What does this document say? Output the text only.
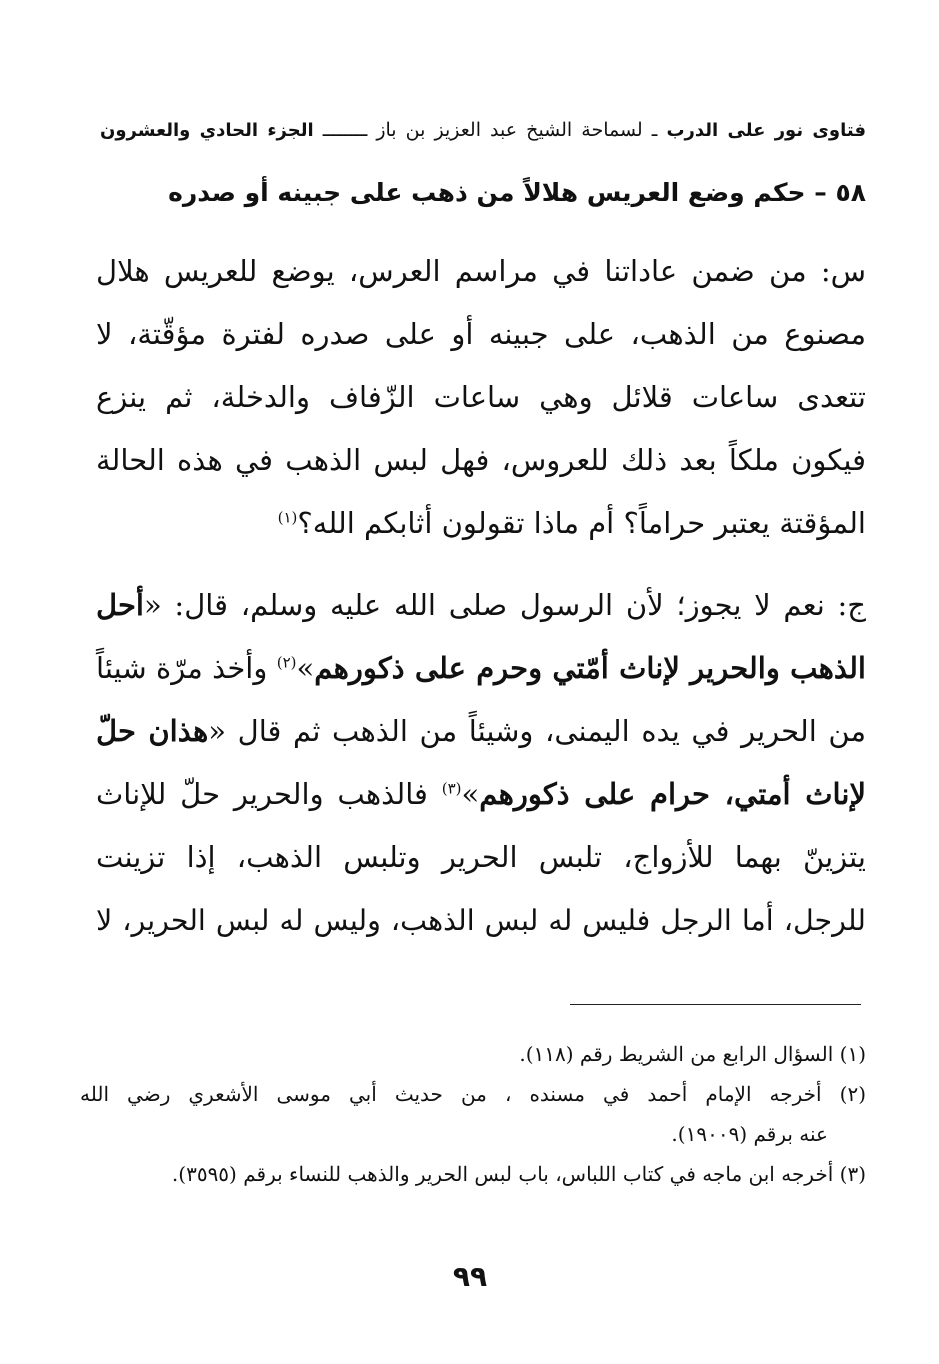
فتاوى نور على الدرب ـ لسماحة الشيخ عبد العزيز بن باز ــــــــ الجزء الحادي والعشرون
٥٨ – حكم وضع العريس هلالاً من ذهب على جبينه أو صدره
س: من ضمن عاداتنا في مراسم العرس، يوضع للعريس هلال
مصنوع من الذهب، على جبينه أو على صدره لفترة مؤقّتة، لا
تتعدى ساعات قلائل وهي ساعات الزّفاف والدخلة، ثم ينزع
فيكون ملكاً بعد ذلك للعروس، فهل لبس الذهب في هذه الحالة
المؤقتة يعتبر حراماً؟ أم ماذا تقولون أثابكم الله؟$^{(١)}$
ج: نعم لا يجوز؛ لأن الرسول صلى الله عليه وسلم، قال: «أحل
الذهب والحرير لإناث أمّتي وحرم على ذكورهم»$^{(٢)}$ وأخذ مرّة شيئاً
من الحرير في يده اليمنى، وشيئاً من الذهب ثم قال «هذان حلّ
لإناث أمتي، حرام على ذكورهم»$^{(٣)}$ فالذهب والحرير حلّ للإناث
يتزينّ بهما للأزواج، تلبس الحرير وتلبس الذهب، إذا تزينت
للرجل، أما الرجل فليس له لبس الذهب، وليس له لبس الحرير، لا
(١) السؤال الرابع من الشريط رقم (١١٨).
(٢) أخرجه الإمام أحمد في مسنده ، من حديث أبي موسى الأشعري رضي الله
عنه برقم (١٩٠٠٩).
(٣) أخرجه ابن ماجه في كتاب اللباس، باب لبس الحرير والذهب للنساء برقم (٣٥٩٥).
٩٩
